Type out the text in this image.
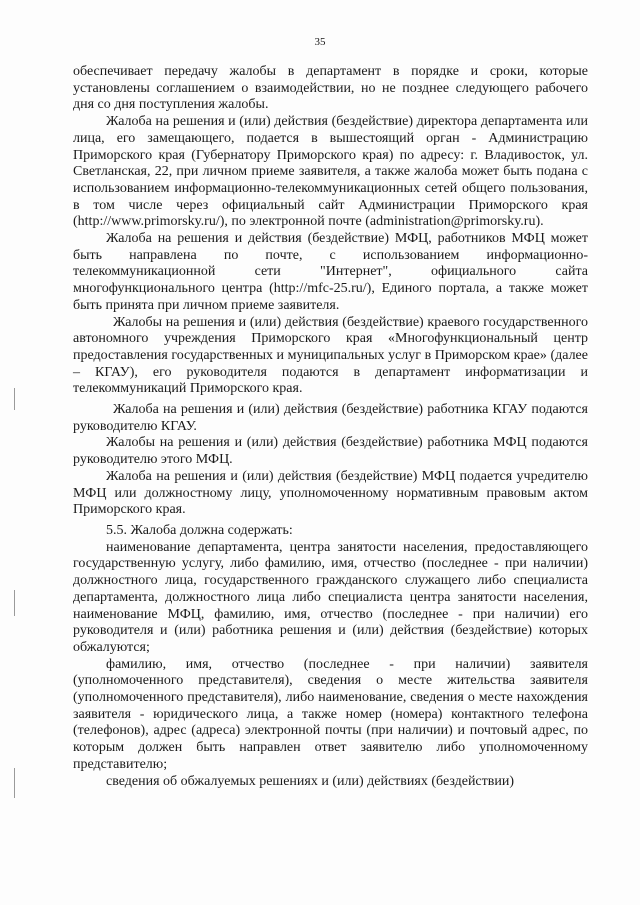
35

обеспечивает передачу жалобы в департамент в порядке и сроки, которые установлены соглашением о взаимодействии, но не позднее следующего рабочего дня со дня поступления жалобы.

Жалоба на решения и (или) действия (бездействие) директора департамента или лица, его замещающего, подается в вышестоящий орган - Администрацию Приморского края (Губернатору Приморского края) по адресу: г. Владивосток, ул. Светланская, 22, при личном приеме заявителя, а также жалоба может быть подана с использованием информационно-телекоммуникационных сетей общего пользования, в том числе через официальный сайт Администрации Приморского края (http://www.primorsky.ru/), по электронной почте (administration@primorsky.ru).

Жалоба на решения и действия (бездействие) МФЦ, работников МФЦ может быть направлена по почте, с использованием информационно-телекоммуникационной сети "Интернет", официального сайта многофункционального центра (http://mfc-25.ru/), Единого портала, а также может быть принята при личном приеме заявителя.

Жалобы на решения и (или) действия (бездействие) краевого государственного автономного учреждения Приморского края «Многофункциональный центр предоставления государственных и муниципальных услуг в Приморском крае» (далее – КГАУ), его руководителя подаются в департамент информатизации и телекоммуникаций Приморского края.

Жалоба на решения и (или) действия (бездействие) работника КГАУ подаются руководителю КГАУ.

Жалобы на решения и (или) действия (бездействие) работника МФЦ подаются руководителю этого МФЦ.

Жалоба на решения и (или) действия (бездействие) МФЦ подается учредителю МФЦ или должностному лицу, уполномоченному нормативным правовым актом Приморского края.

5.5. Жалоба должна содержать:

наименование департамента, центра занятости населения, предоставляющего государственную услугу, либо фамилию, имя, отчество (последнее - при наличии) должностного лица, государственного гражданского служащего либо специалиста департамента, должностного лица либо специалиста центра занятости населения, наименование МФЦ, фамилию, имя, отчество (последнее - при наличии) его руководителя и (или) работника решения и (или) действия (бездействие) которых обжалуются;

фамилию, имя, отчество (последнее - при наличии) заявителя (уполномоченного представителя), сведения о месте жительства заявителя (уполномоченного представителя), либо наименование, сведения о месте нахождения заявителя - юридического лица, а также номер (номера) контактного телефона (телефонов), адрес (адреса) электронной почты (при наличии) и почтовый адрес, по которым должен быть направлен ответ заявителю либо уполномоченному представителю;

сведения об обжалуемых решениях и (или) действиях (бездействии)
